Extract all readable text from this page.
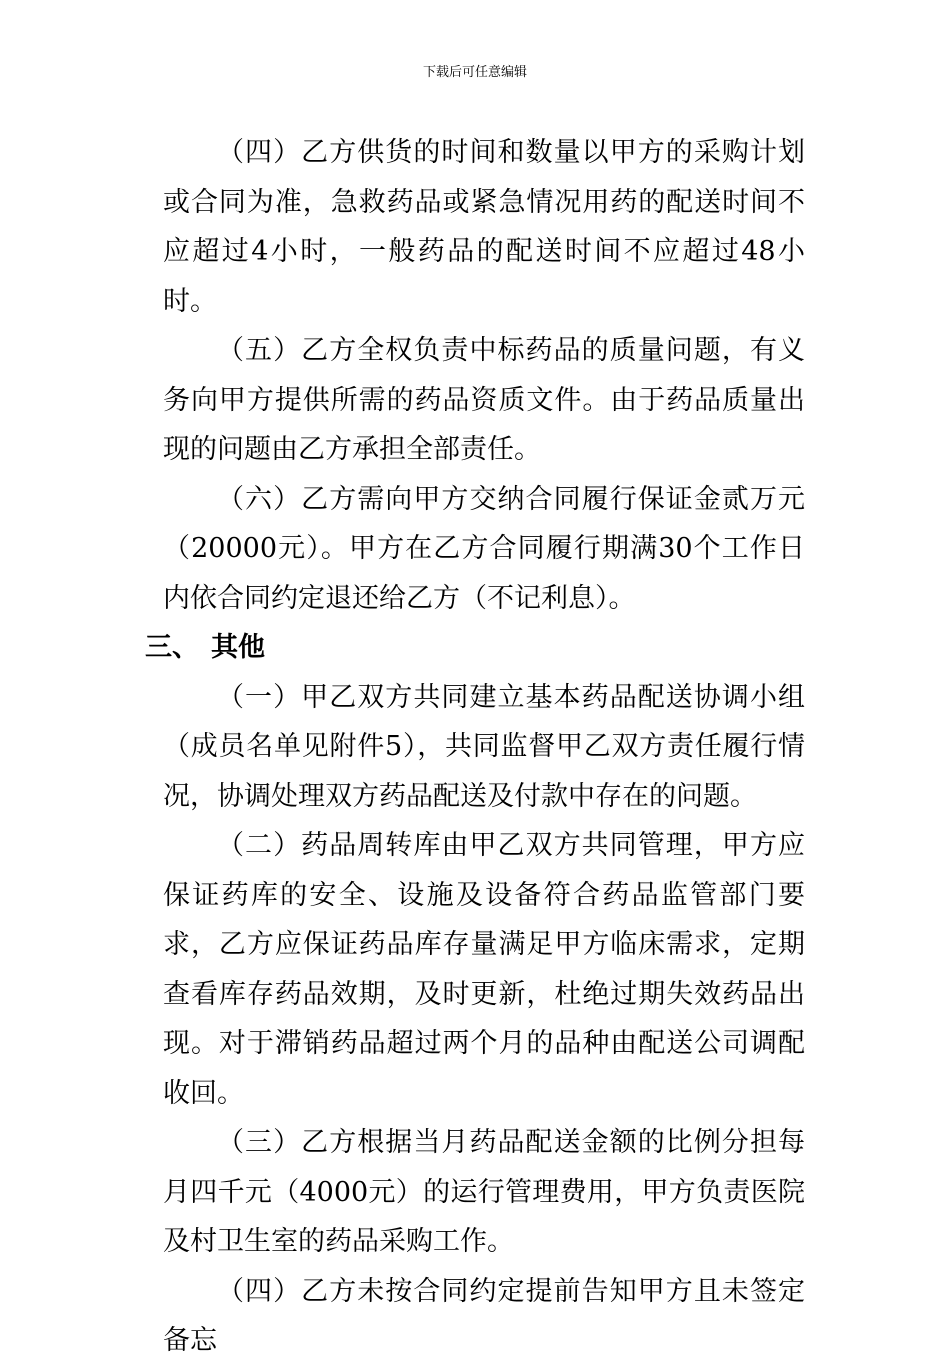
下载后可任意编辑

（四）乙方供货的时间和数量以甲方的采购计划或合同为准，急救药品或紧急情况用药的配送时间不应超过4小时，一般药品的配送时间不应超过48小时。

（五）乙方全权负责中标药品的质量问题，有义务向甲方提供所需的药品资质文件。由于药品质量出现的问题由乙方承担全部责任。

（六）乙方需向甲方交纳合同履行保证金贰万元（20000元）。甲方在乙方合同履行期满30个工作日内依合同约定退还给乙方（不记利息）。

三、 其他

（一）甲乙双方共同建立基本药品配送协调小组（成员名单见附件5），共同监督甲乙双方责任履行情况，协调处理双方药品配送及付款中存在的问题。

（二）药品周转库由甲乙双方共同管理，甲方应保证药库的安全、设施及设备符合药品监管部门要求，乙方应保证药品库存量满足甲方临床需求，定期查看库存药品效期，及时更新，杜绝过期失效药品出现。对于滞销药品超过两个月的品种由配送公司调配收回。

（三）乙方根据当月药品配送金额的比例分担每月四千元（4000元）的运行管理费用，甲方负责医院及村卫生室的药品采购工作。

（四）乙方未按合同约定提前告知甲方且未签定备忘
